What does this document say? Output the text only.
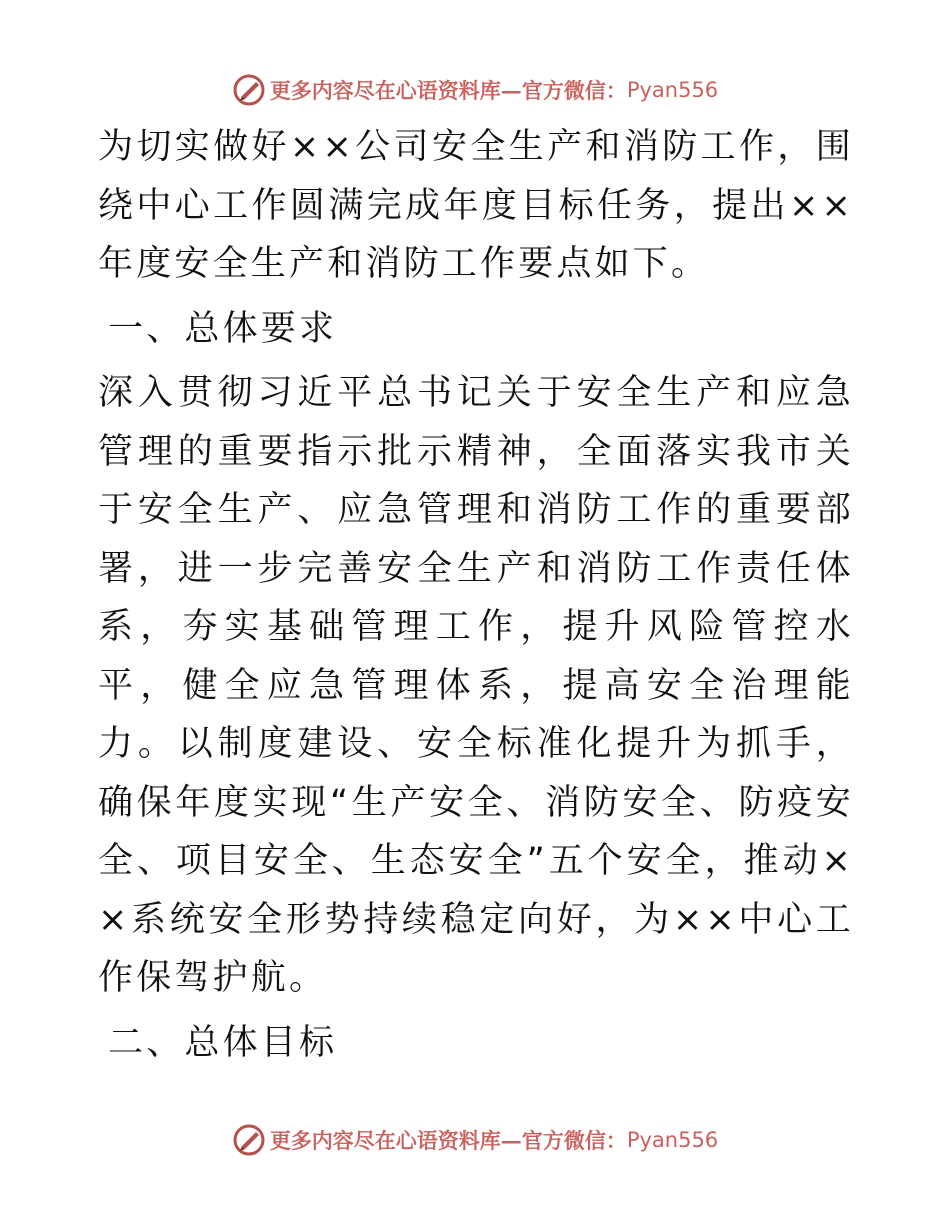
更多内容尽在心语资料库—官方微信： Pyan556

为切实做好××公司安全生产和消防工作，围绕中心工作圆满完成年度目标任务，提出××年度安全生产和消防工作要点如下。

一、总体要求

深入贯彻习近平总书记关于安全生产和应急管理的重要指示批示精神，全面落实我市关于安全生产、应急管理和消防工作的重要部署，进一步完善安全生产和消防工作责任体系，夯实基础管理工作，提升风险管控水平，健全应急管理体系，提高安全治理能力。以制度建设、安全标准化提升为抓手，确保年度实现“生产安全、消防安全、防疫安全、项目安全、生态安全”五个安全，推动××系统安全形势持续稳定向好，为××中心工作保驾护航。

二、总体目标

更多内容尽在心语资料库—官方微信： Pyan556
